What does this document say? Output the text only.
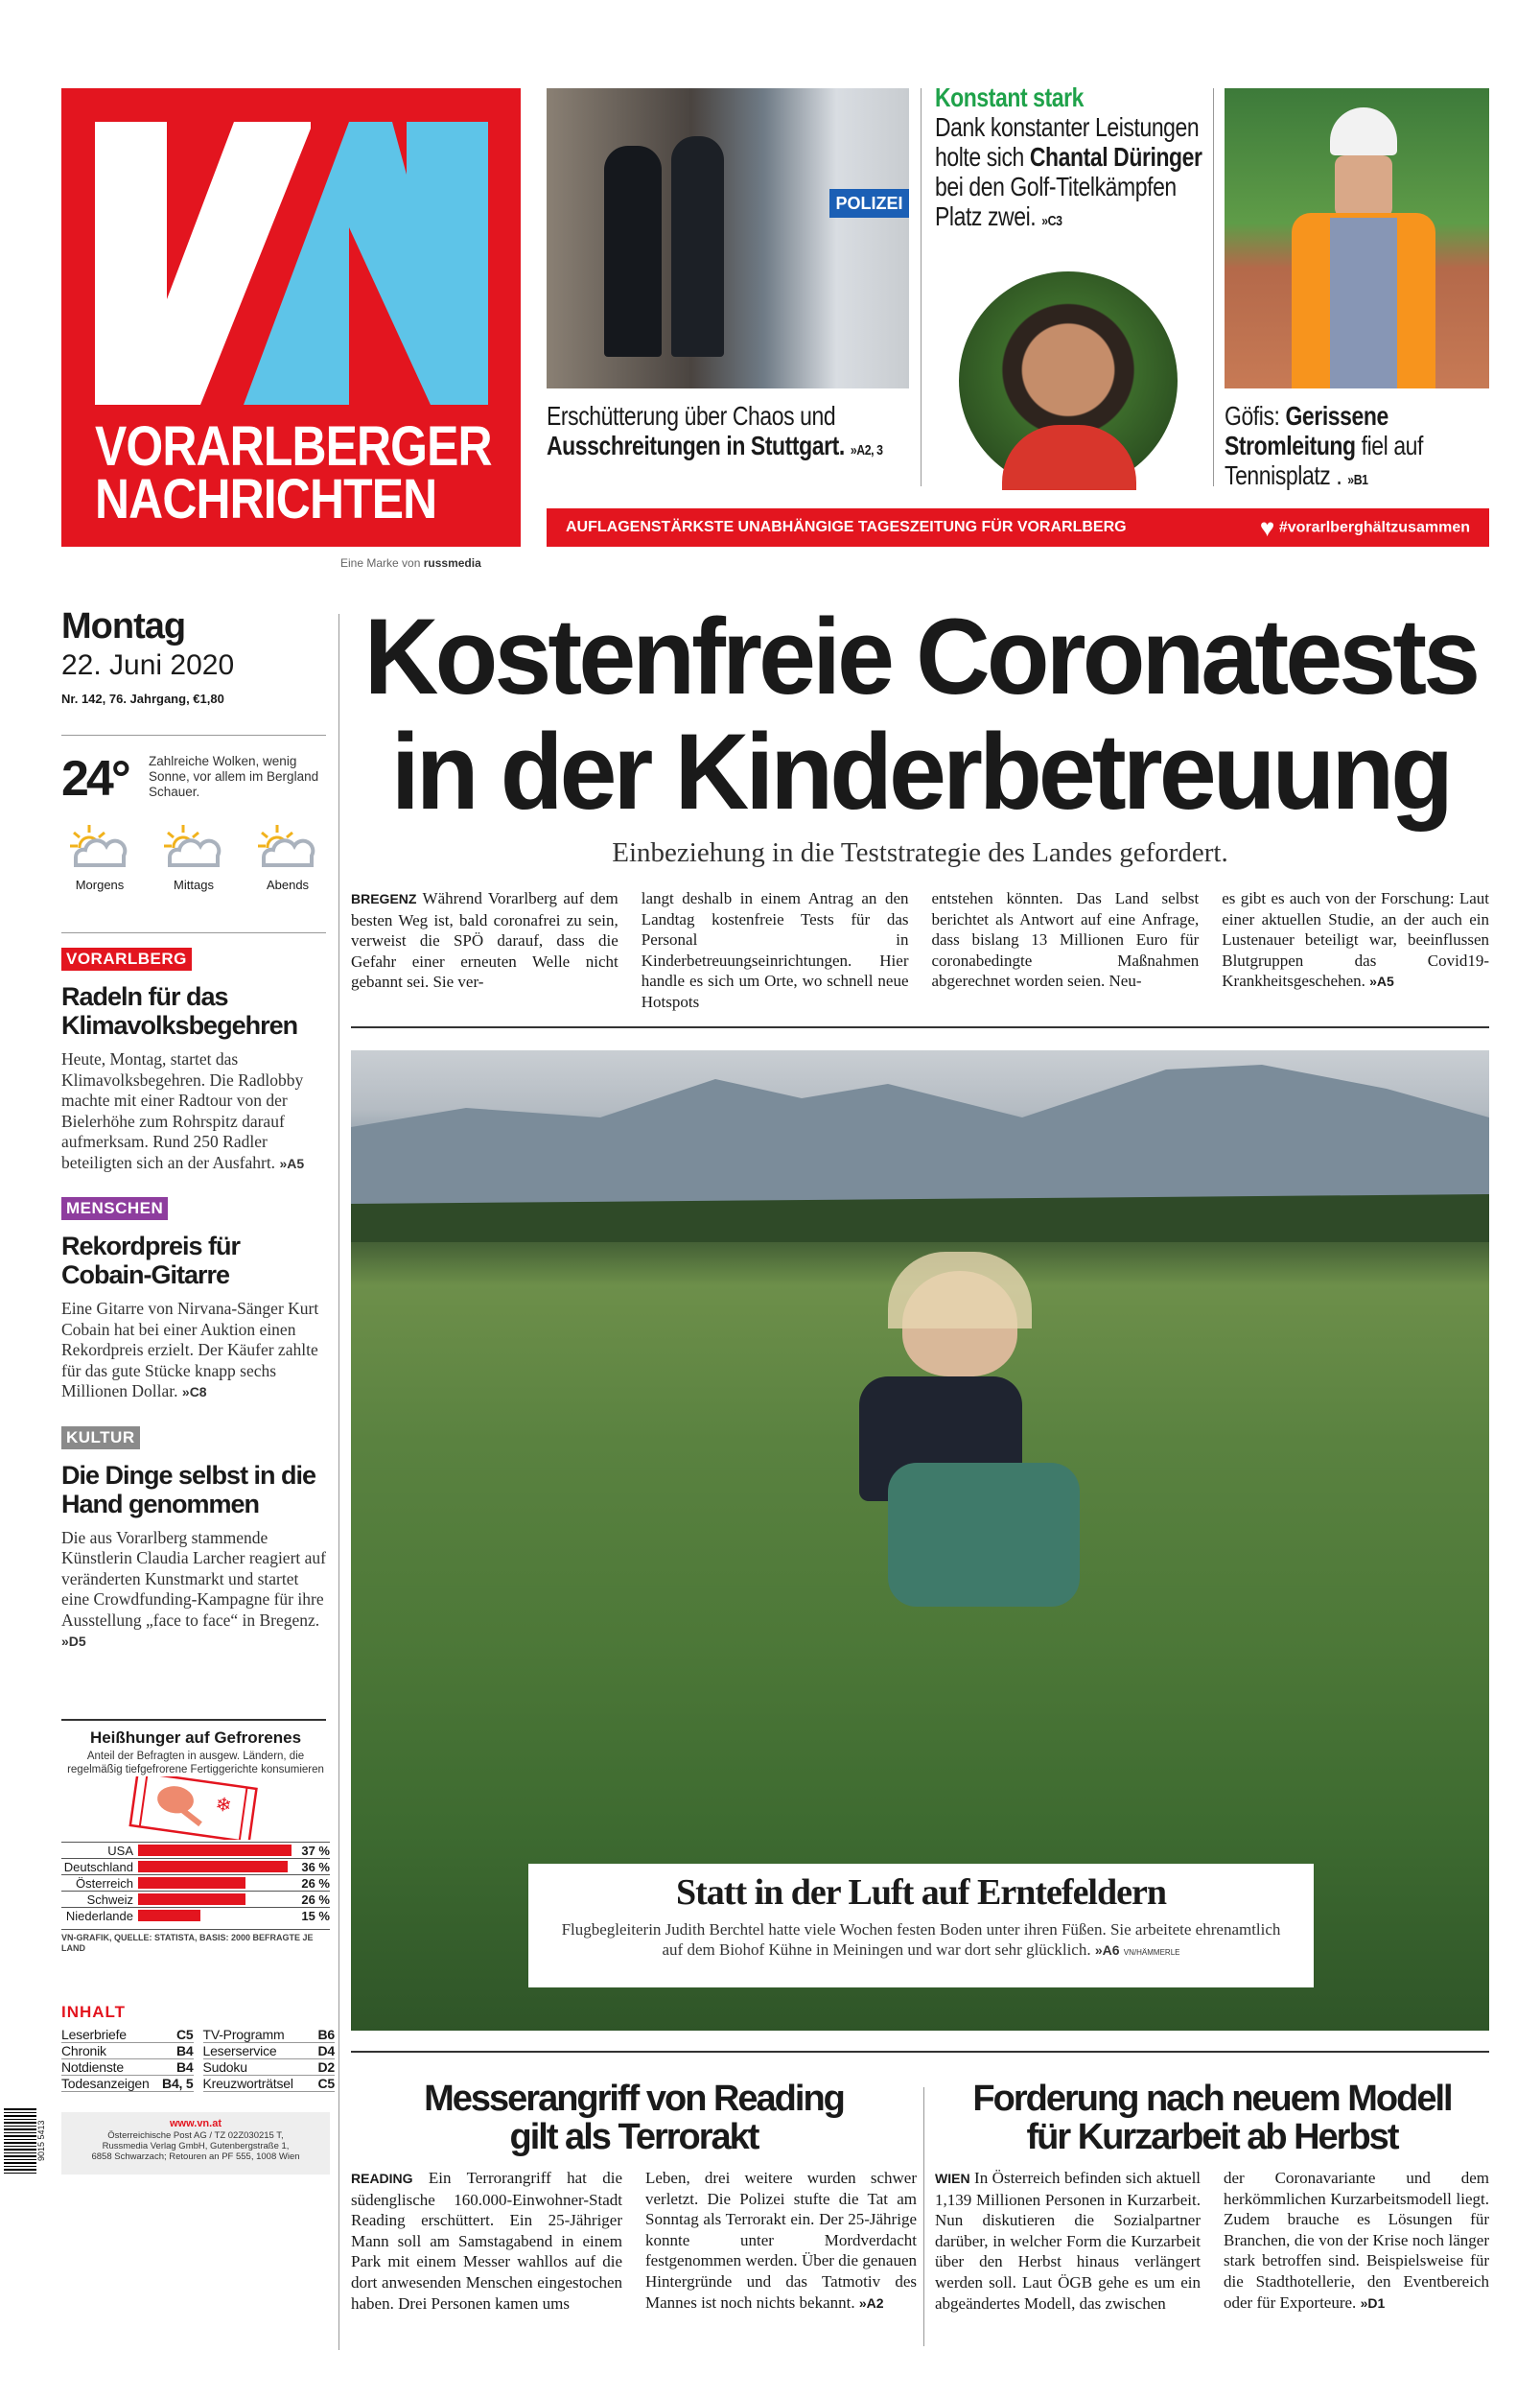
VORARLBERGER
NACHRICHTEN
Eine Marke von russmedia
POLIZEI
Erschütterung über Chaos und Ausschreitungen in Stuttgart. »A2, 3
Konstant stark
Dank konstanter Leistungen holte sich Chantal Düringer bei den Golf-Titelkämpfen Platz zwei. »C3
Göfis: Gerissene Stromleitung fiel auf Tennisplatz . »B1
AUFLAGENSTÄRKSTE UNABHÄNGIGE TAGESZEITUNG FÜR VORARLBERG	♥ #vorarlberghältzusammen
Montag
22. Juni 2020
Nr. 142, 76. Jahrgang, €1,80
24° Zahlreiche Wolken, wenig Sonne, vor allem im Bergland Schauer.
Morgens	Mittags	Abends
VORARLBERG
Radeln für das Klimavolksbegehren
Heute, Montag, startet das Klimavolksbegehren. Die Radlobby machte mit einer Radtour von der Bielerhöhe zum Rohrspitz darauf aufmerksam. Rund 250 Radler beteiligten sich an der Ausfahrt. »A5
MENSCHEN
Rekordpreis für Cobain-Gitarre
Eine Gitarre von Nirvana-Sänger Kurt Cobain hat bei einer Auktion einen Rekordpreis erzielt. Der Käufer zahlte für das gute Stücke knapp sechs Millionen Dollar. »C8
KULTUR
Die Dinge selbst in die Hand genommen
Die aus Vorarlberg stammende Künstlerin Claudia Larcher reagiert auf veränderten Kunstmarkt und startet eine Crowdfunding-Kampagne für ihre Ausstellung „face to face“ in Bregenz. »D5
Heißhunger auf Gefrorenes
Anteil der Befragten in ausgew. Ländern, die regelmäßig tiefgefrorene Fertiggerichte konsumieren
❄
USA	37 %
Deutschland	36 %
Österreich	26 %
Schweiz	26 %
Niederlande	15 %
VN-GRAFIK, QUELLE: STATISTA, BASIS: 2000 BEFRAGTE JE LAND
INHALT
Leserbriefe	C5 TV-Programm	B6
Chronik	B4 Leserservice	D4
Notdienste	B4 Sudoku	D2
Todesanzeigen B4, 5 Kreuzworträtsel C5
9015 5413	www.vn.at
Österreichische Post AG / TZ 02Z030215 T,
Russmedia Verlag GmbH, Gutenbergstraße 1,
6858 Schwarzach; Retouren an PF 555, 1008 Wien
Kostenfreie Coronatests
in der Kinderbetreuung
Einbeziehung in die Teststrategie des Landes gefordert.
BREGENZ Während Vorarlberg auf dem besten Weg ist, bald coronafrei zu sein, verweist die SPÖ darauf, dass die Gefahr einer erneuten Welle nicht gebannt sei. Sie ver-
langt deshalb in einem Antrag an den Landtag kostenfreie Tests für das Personal in Kinderbetreuungseinrichtungen. Hier handle es sich um Orte, wo schnell neue Hotspots
entstehen könnten. Das Land selbst berichtet als Antwort auf eine Anfrage, dass bislang 13 Millionen Euro für coronabedingte Maßnahmen abgerechnet worden seien. Neu-
es gibt es auch von der Forschung: Laut einer aktuellen Studie, an der auch ein Lustenauer beteiligt war, beeinflussen Blutgruppen das Covid19-Krankheitsgeschehen. »A5
Statt in der Luft auf Erntefeldern
Flugbegleiterin Judith Berchtel hatte viele Wochen festen Boden unter ihren Füßen. Sie arbeitete ehrenamtlich auf dem Biohof Kühne in Meiningen und war dort sehr glücklich. »A6 VN/HÄMMERLE
Messerangriff von Reading
gilt als Terrorakt
READING Ein Terrorangriff hat die südenglische 160.000-Einwohner-Stadt Reading erschüttert. Ein 25-Jähriger Mann soll am Samstagabend in einem Park mit einem Messer wahllos auf die dort anwesenden Menschen eingestochen haben. Drei Personen kamen ums
Leben, drei weitere wurden schwer verletzt. Die Polizei stufte die Tat am Sonntag als Terrorakt ein. Der 25-Jährige konnte unter Mordverdacht festgenommen werden. Über die genauen Hintergründe und das Tatmotiv des Mannes ist noch nichts bekannt. »A2
Forderung nach neuem Modell
für Kurzarbeit ab Herbst
WIEN In Österreich befinden sich aktuell 1,139 Millionen Personen in Kurzarbeit. Nun diskutieren die Sozialpartner darüber, in welcher Form die Kurzarbeit über den Herbst hinaus verlängert werden soll. Laut ÖGB gehe es um ein abgeändertes Modell, das zwischen
der Coronavariante und dem herkömmlichen Kurzarbeitsmodell liegt. Zudem brauche es Lösungen für Branchen, die von der Krise noch länger stark betroffen sind. Beispielsweise für die Stadthotellerie, den Eventbereich oder für Exporteure. »D1
